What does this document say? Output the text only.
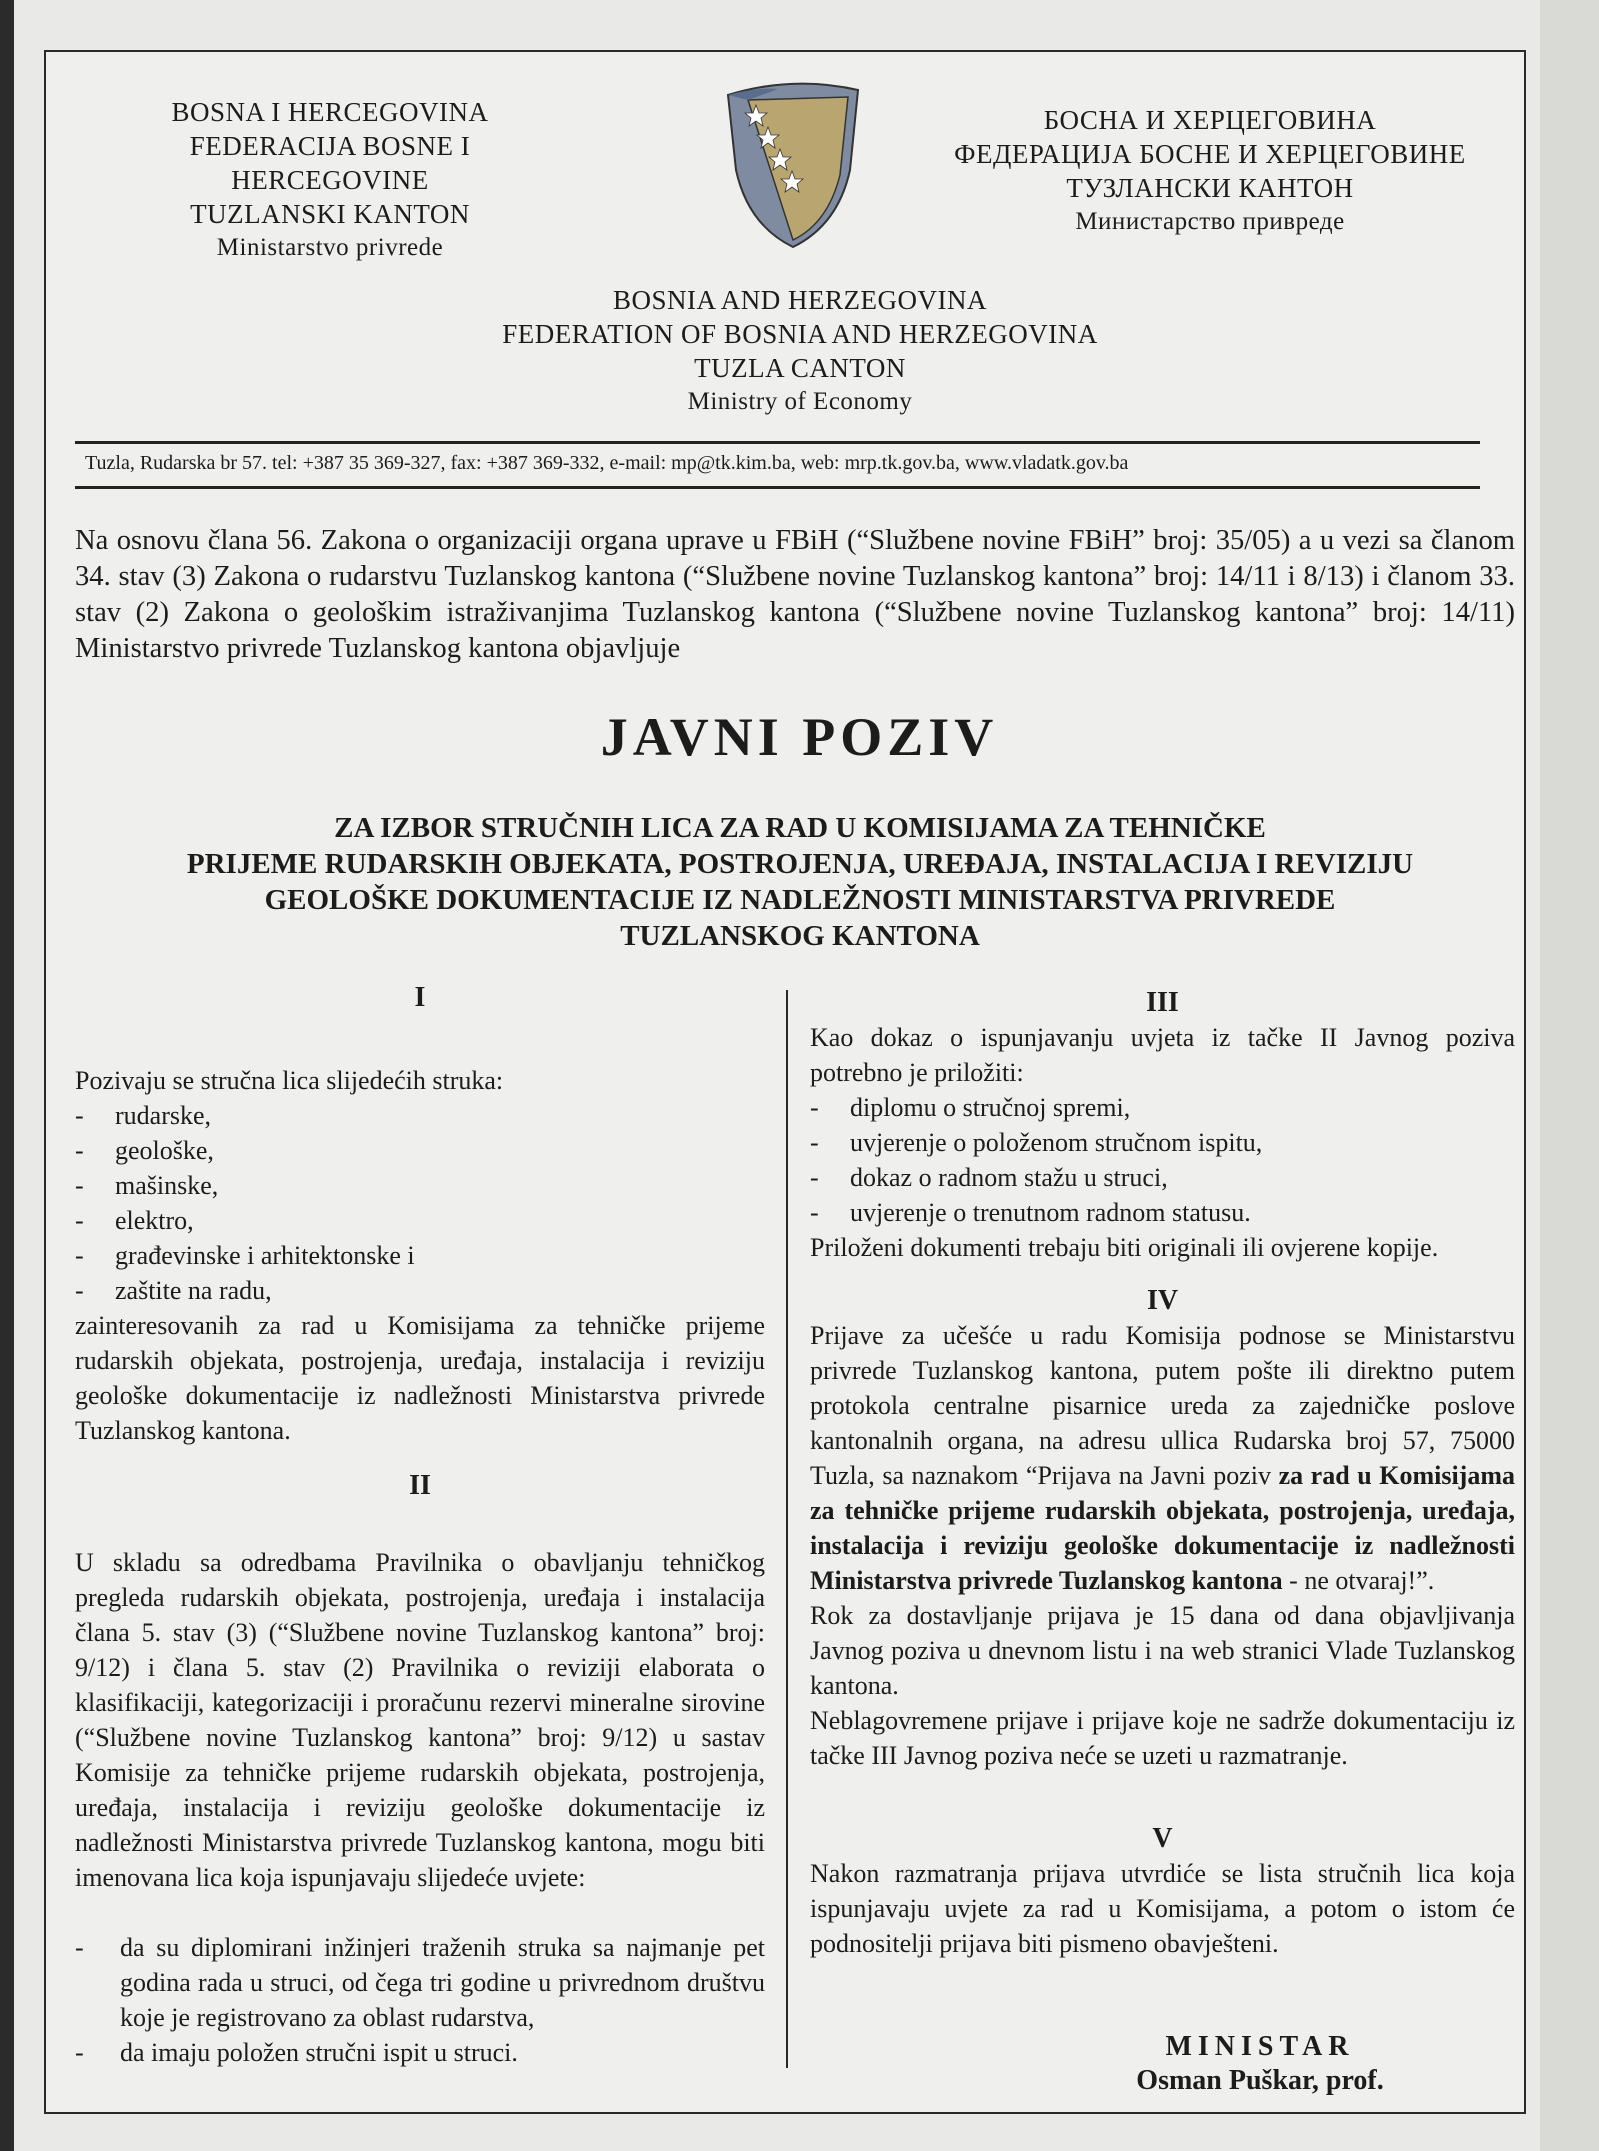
BOSNA I HERCEGOVINA
FEDERACIJA BOSNE I HERCEGOVINE
TUZLANSKI KANTON
Ministarstvo privrede
БОСНА И ХЕРЦЕГОВИНА
ФЕДЕРАЦИЈА БОСНЕ И ХЕРЦЕГОВИНЕ
ТУЗЛАНСКИ КАНТОН
Министарство привреде
BOSNIA AND HERZEGOVINA
FEDERATION OF BOSNIA AND HERZEGOVINA
TUZLA CANTON
Ministry of Economy
Tuzla, Rudarska br 57. tel: +387 35 369-327, fax: +387 369-332, e-mail: mp@tk.kim.ba, web: mrp.tk.gov.ba, www.vladatk.gov.ba

Na osnovu člana 56. Zakona o organizaciji organa uprave u FBiH (“Službene novine FBiH” broj: 35/05) a u vezi sa članom 34. stav (3) Zakona o rudarstvu Tuzlanskog kantona (“Službene novine Tuzlanskog kantona” broj: 14/11 i 8/13) i članom 33. stav (2) Zakona o geološkim istraživanjima Tuzlanskog kantona (“Službene novine Tuzlanskog kantona” broj: 14/11) Ministarstvo privrede Tuzlanskog kantona objavljuje

JAVNI POZIV
ZA IZBOR STRUČNIH LICA ZA RAD U KOMISIJAMA ZA TEHNIČKE
PRIJEME RUDARSKIH OBJEKATA, POSTROJENJA, UREĐAJA, INSTALACIJA I REVIZIJU
GEOLOŠKE DOKUMENTACIJE IZ NADLEŽNOSTI MINISTARSTVA PRIVREDE
TUZLANSKOG KANTONA
I

Pozivaju se stručna lica slijedećih struka:

-	rudarske,
-	geološke,
-	mašinske,
-	elektro,
-	građevinske i arhitektonske i
-	zaštite na radu,

zainteresovanih za rad u Komisijama za tehničke prijeme rudarskih objekata, postrojenja, uređaja, instalacija i reviziju geološke dokumentacije iz nadležnosti Ministarstva privrede Tuzlanskog kantona.

II

U skladu sa odredbama Pravilnika o obavljanju tehničkog pregleda rudarskih objekata, postrojenja, uređaja i instalacija člana 5. stav (3) (“Službene novine Tuzlanskog kantona” broj: 9/12) i člana 5. stav (2) Pravilnika o reviziji elaborata o klasifikaciji, kategorizaciji i proračunu rezervi mineralne sirovine (“Službene novine Tuzlanskog kantona” broj: 9/12) u sastav Komisije za tehničke prijeme rudarskih objekata, postrojenja, uređaja, instalacija i reviziju geološke dokumentacije iz nadležnosti Ministarstva privrede Tuzlanskog kantona, mogu biti imenovana lica koja ispunjavaju slijedeće uvjete:

-	da su diplomirani inžinjeri traženih struka sa najmanje pet godina rada u struci, od čega tri godine u privrednom društvu koje je registrovano za oblast rudarstva,
-	da imaju položen stručni ispit u struci.
III

Kao dokaz o ispunjavanju uvjeta iz tačke II Javnog poziva potrebno je priložiti:

-	diplomu o stručnoj spremi,
-	uvjerenje o položenom stručnom ispitu,
-	dokaz o radnom stažu u struci,
-	uvjerenje o trenutnom radnom statusu.

Priloženi dokumenti trebaju biti originali ili ovjerene kopije.

IV

Prijave za učešće u radu Komisija podnose se Ministarstvu privrede Tuzlanskog kantona, putem pošte ili direktno putem protokola centralne pisarnice ureda za zajedničke poslove kantonalnih organa, na adresu ullica Rudarska broj 57, 75000 Tuzla, sa naznakom “Prijava na Javni poziv za rad u Komisijama za tehničke prijeme rudarskih objekata, postrojenja, uređaja, instalacija i reviziju geološke dokumentacije iz nadležnosti Ministarstva privrede Tuzlanskog kantona - ne otvaraj!”.

Rok za dostavljanje prijava je 15 dana od dana objavljivanja Javnog poziva u dnevnom listu i na web stranici Vlade Tuzlanskog kantona.

Neblagovremene prijave i prijave koje ne sadrže dokumentaciju iz tačke III Javnog poziva neće se uzeti u razmatranje.

V

Nakon razmatranja prijava utvrdiće se lista stručnih lica koja ispunjavaju uvjete za rad u Komisijama, a potom o istom će podnositelji prijava biti pismeno obavješteni.

MINISTAR
Osman Puškar, prof.
